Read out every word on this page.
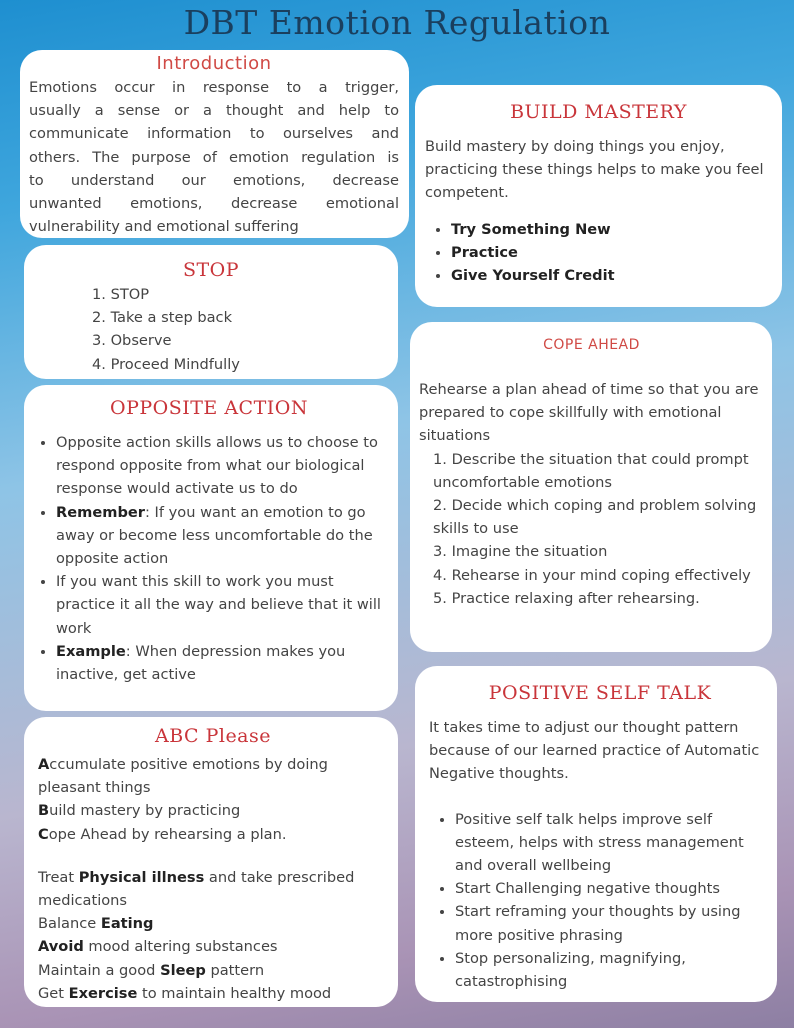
DBT Emotion Regulation
Introduction
Emotions occur in response to a trigger,
usually a sense or a thought and help to
communicate information to ourselves and
others. The purpose of emotion regulation is
to understand our emotions, decrease
unwanted emotions, decrease emotional
vulnerability and emotional suffering
STOP
1. STOP
2. Take a step back
3. Observe
4. Proceed Mindfully
OPPOSITE ACTION
• Opposite action skills allows us to choose to respond opposite from what our biological response would activate us to do
• Remember: If you want an emotion to go away or become less uncomfortable do the opposite action
• If you want this skill to work you must practice it all the way and believe that it will work
• Example: When depression makes you inactive, get active
ABC Please
Accumulate positive emotions by doing pleasant things
Build mastery by practicing
Cope Ahead by rehearsing a plan.
Treat Physical illness and take prescribed medications
Balance Eating
Avoid mood altering substances
Maintain a good Sleep pattern
Get Exercise to maintain healthy mood
BUILD MASTERY
Build mastery by doing things you enjoy, practicing these things helps to make you feel competent.
• Try Something New
• Practice
• Give Yourself Credit
COPE AHEAD
Rehearse a plan ahead of time so that you are prepared to cope skillfully with emotional situations
1. Describe the situation that could prompt uncomfortable emotions
2. Decide which coping and problem solving skills to use
3. Imagine the situation
4. Rehearse in your mind coping effectively
5. Practice relaxing after rehearsing.
POSITIVE SELF TALK
It takes time to adjust our thought pattern because of our learned practice of Automatic Negative thoughts.
• Positive self talk helps improve self esteem, helps with stress management and overall wellbeing
• Start Challenging negative thoughts
• Start reframing your thoughts by using more positive phrasing
• Stop personalizing, magnifying, catastrophising
